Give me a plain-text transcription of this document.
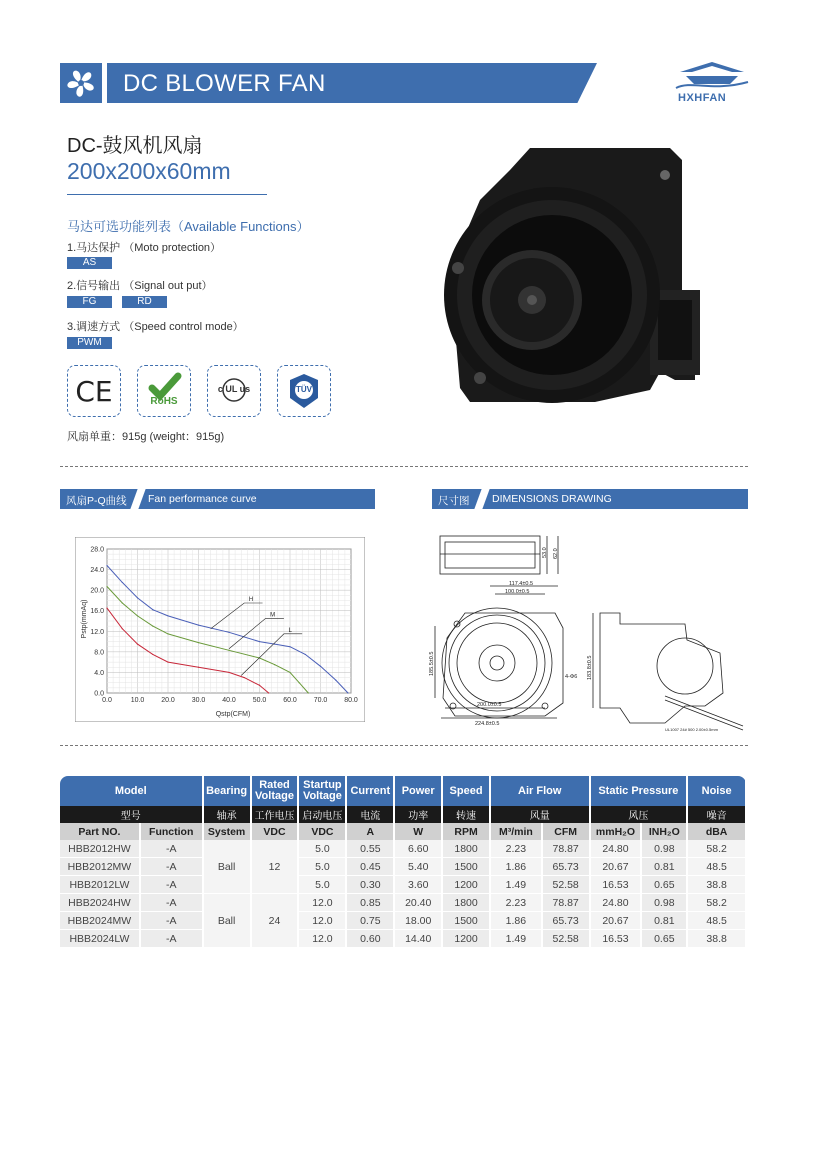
DC BLOWER FAN
HXHFAN
DC-鼓风机风扇
200x200x60mm
马达可选功能列表（Available Functions）
1.马达保护 （Moto protection）
AS
2.信号输出 （Signal out put）
FG	RD
3.调速方式 （Speed control mode）
PWM
CE	RoHS
c UL us	TÜV
风扇单重：915g (weight：915g)
风扇P-Q曲线 Fan performance curve	尺寸图 DIMENSIONS DRAWING
H
M
L
0.0	10.0 20.0 30.0 40.0 50.0 60.0 70.0 80.0
0.0
4.0
8.0
12.0
16.0
20.0
24.0
28.0
Qstp(CFM)
Pstp(mmAq)
53.0 62.0
117.4±0.5
100.0±0.5
200.0±0.5
224.8±0.5
185.5±0.5	183.8±0.5
4-Φ6
UL1007 24# 500 2.00±0.5mm
Model		Bearing	Rated Voltage	Startup Voltage	Current	Power	Speed	Air Flow		Static Pressure		Noise
型号		轴承	工作电压	启动电压	电流	功率	转速	风量		风压		噪音
Part NO.	Function	System	VDC	VDC	A	W	RPM	M³/min	CFM	mmH₂O	INH₂O	dBA
HBB2012HW	-A	Ball	12	5.0	0.55	6.60	1800	2.23	78.87	24.80	0.98	58.2
HBB2012MW	-A			5.0	0.45	5.40	1500	1.86	65.73	20.67	0.81	48.5
HBB2012LW	-A			5.0	0.30	3.60	1200	1.49	52.58	16.53	0.65	38.8
HBB2024HW	-A	Ball	24	12.0	0.85	20.40	1800	2.23	78.87	24.80	0.98	58.2
HBB2024MW	-A			12.0	0.75	18.00	1500	1.86	65.73	20.67	0.81	48.5
HBB2024LW	-A			12.0	0.60	14.40	1200	1.49	52.58	16.53	0.65	38.8
